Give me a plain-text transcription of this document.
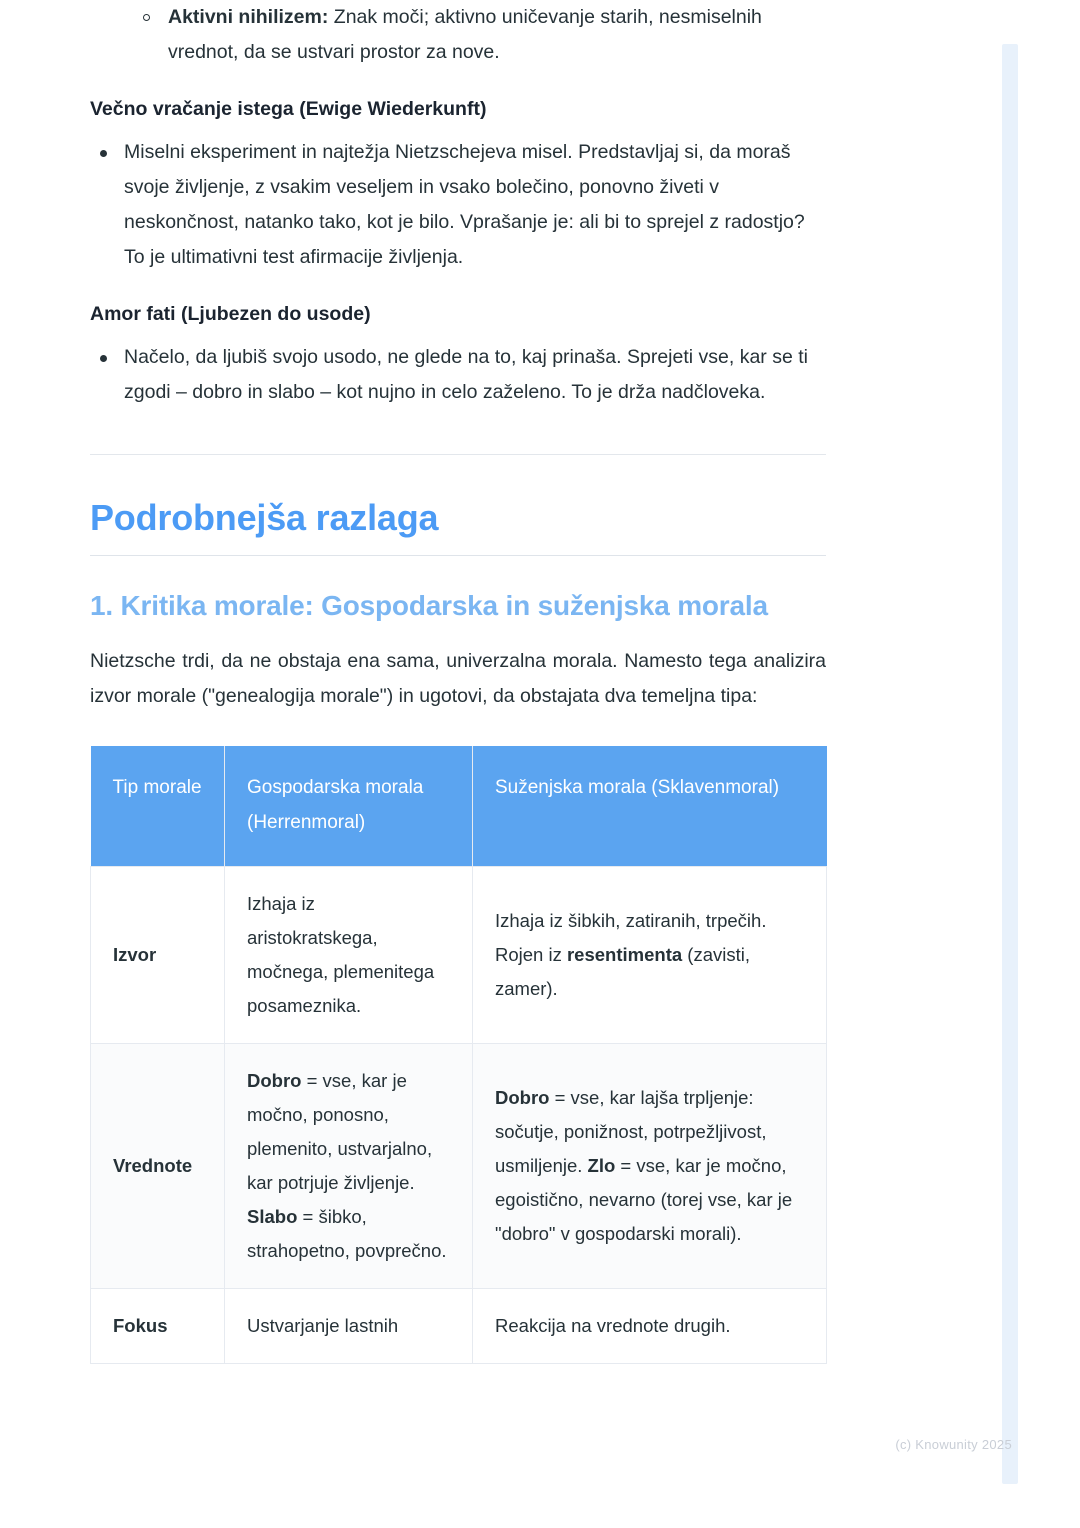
Aktivni nihilizem: Znak moči; aktivno uničevanje starih, nesmiselnih vrednot, da se ustvari prostor za nove.
Večno vračanje istega (Ewige Wiederkunft)
Miselni eksperiment in najtežja Nietzschejeva misel. Predstavljaj si, da moraš svoje življenje, z vsakim veseljem in vsako bolečino, ponovno živeti v neskončnost, natanko tako, kot je bilo. Vprašanje je: ali bi to sprejel z radostjo? To je ultimativni test afirmacije življenja.
Amor fati (Ljubezen do usode)
Načelo, da ljubiš svojo usodo, ne glede na to, kaj prinaša. Sprejeti vse, kar se ti zgodi – dobro in slabo – kot nujno in celo zaželeno. To je drža nadčloveka.
Podrobnejša razlaga
1. Kritika morale: Gospodarska in suženjska morala

Nietzsche trdi, da ne obstaja ena sama, univerzalna morala. Namesto tega analizira izvor morale ("genealogija morale") in ugotovi, da obstajata dva temeljna tipa:

Tip morale	Gospodarska morala (Herrenmoral)	Suženjska morala (Sklavenmoral)
Izvor	Izhaja iz aristokratskega, močnega, plemenitega posameznika.	Izhaja iz šibkih, zatiranih, trpečih. Rojen iz resentimenta (zavisti, zamer).
Vrednote	Dobro = vse, kar je močno, ponosno, plemenito, ustvarjalno, kar potrjuje življenje. Slabo = šibko, strahopetno, povprečno.	Dobro = vse, kar lajša trpljenje: sočutje, ponižnost, potrpežljivost, usmiljenje. Zlo = vse, kar je močno, egoistično, nevarno (torej vse, kar je "dobro" v gospodarski morali).
Fokus	Ustvarjanje lastnih	Reakcija na vrednote drugih.
(c) Knowunity 2025
